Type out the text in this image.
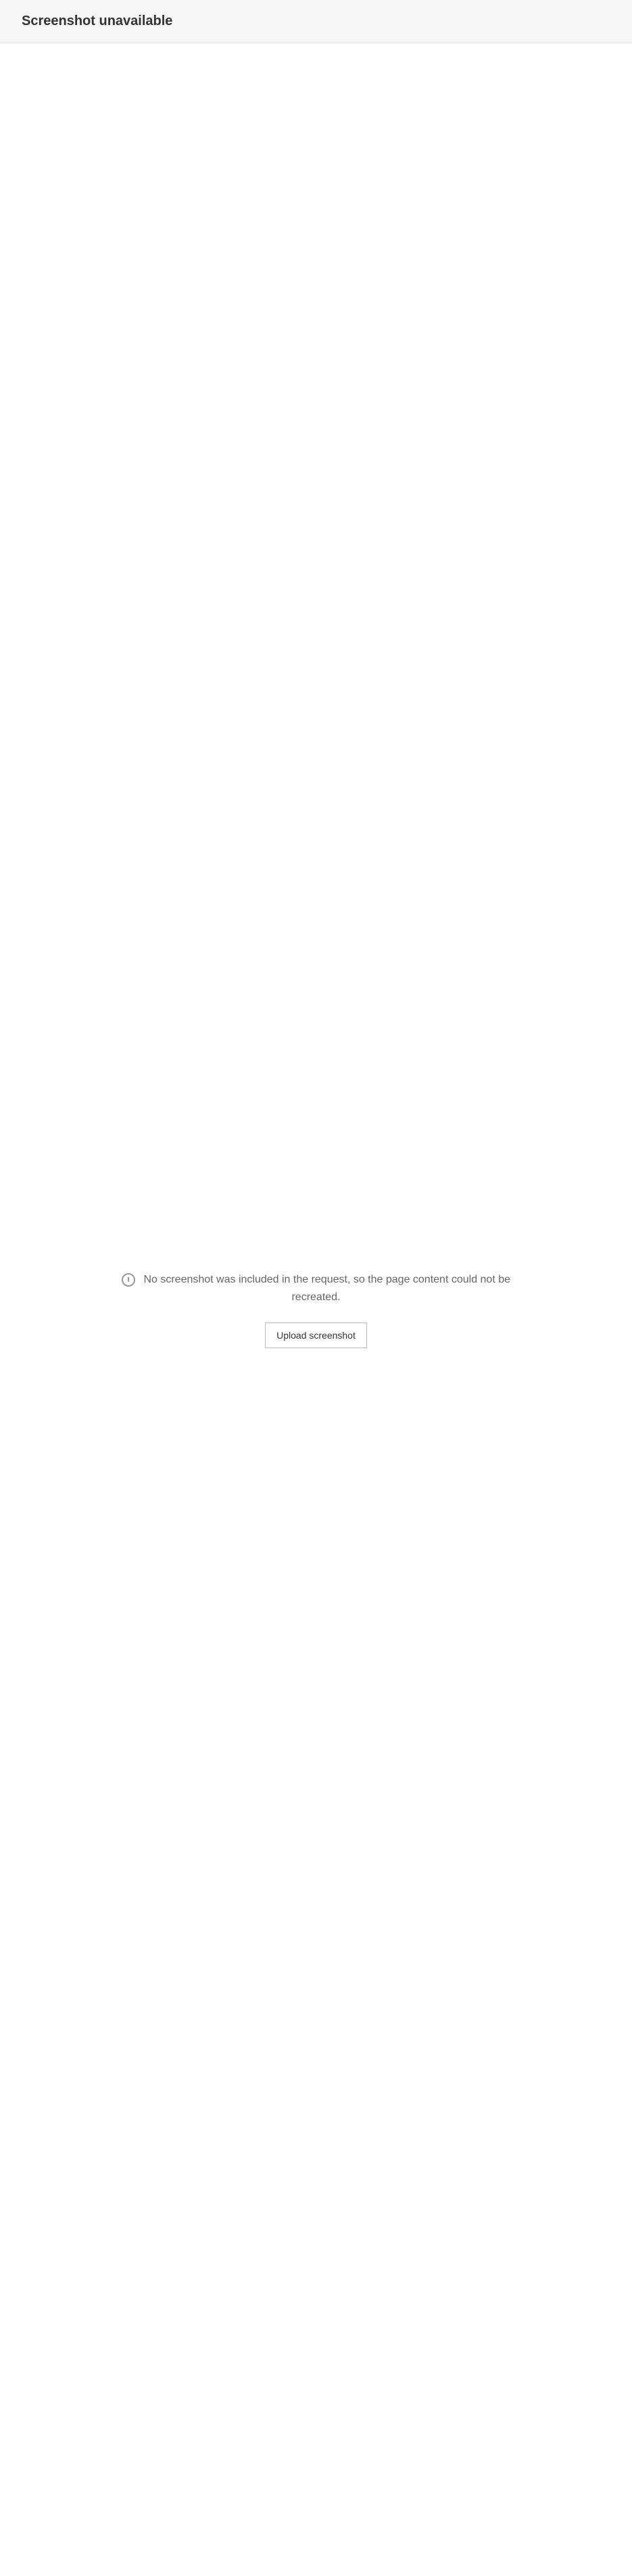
Screenshot unavailable
No screenshot was included in the request, so the page content could not be recreated.
Upload screenshot
